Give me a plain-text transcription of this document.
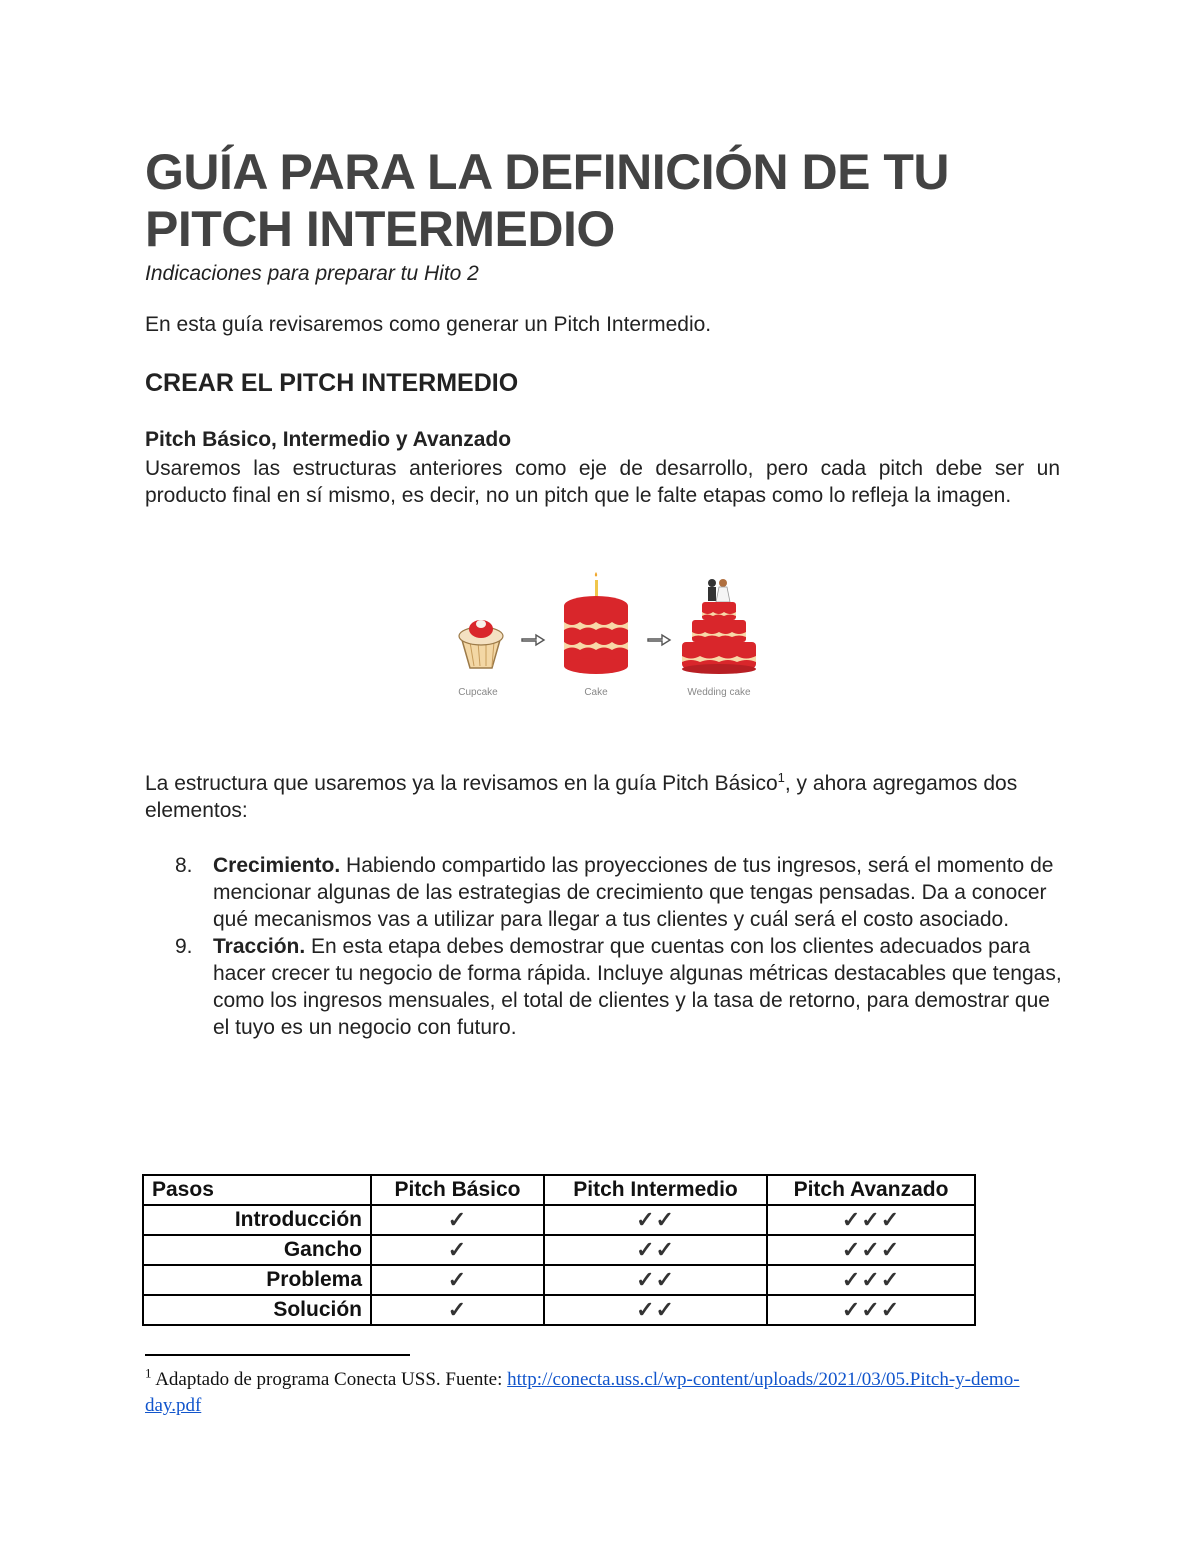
GUÍA PARA LA DEFINICIÓN DE TU PITCH INTERMEDIO
Indicaciones para preparar tu Hito 2
En esta guía revisaremos como generar un Pitch Intermedio.
CREAR EL PITCH INTERMEDIO
Pitch Básico, Intermedio y Avanzado
Usaremos las estructuras anteriores como eje de desarrollo, pero cada pitch debe ser un producto final en sí mismo, es decir, no un pitch que le falte etapas como lo refleja la imagen.
Cupcake	Cake	Wedding cake
La estructura que usaremos ya la revisamos en la guía Pitch Básico$^1$, y ahora agregamos dos elementos:
8. Crecimiento. Habiendo compartido las proyecciones de tus ingresos, será el momento de mencionar algunas de las estrategias de crecimiento que tengas pensadas. Da a conocer qué mecanismos vas a utilizar para llegar a tus clientes y cuál será el costo asociado.
9. Tracción. En esta etapa debes demostrar que cuentas con los clientes adecuados para hacer crecer tu negocio de forma rápida. Incluye algunas métricas destacables que tengas, como los ingresos mensuales, el total de clientes y la tasa de retorno, para demostrar que el tuyo es un negocio con futuro.
Pasos	Pitch Básico	Pitch Intermedio	Pitch Avanzado
Introducción	✓	✓✓	✓✓✓
Gancho	✓	✓✓	✓✓✓
Problema	✓	✓✓	✓✓✓
Solución	✓	✓✓	✓✓✓
$^1$ Adaptado de programa Conecta USS. Fuente: http://conecta.uss.cl/wp-content/uploads/2021/03/05.Pitch-y-demo-day.pdf
